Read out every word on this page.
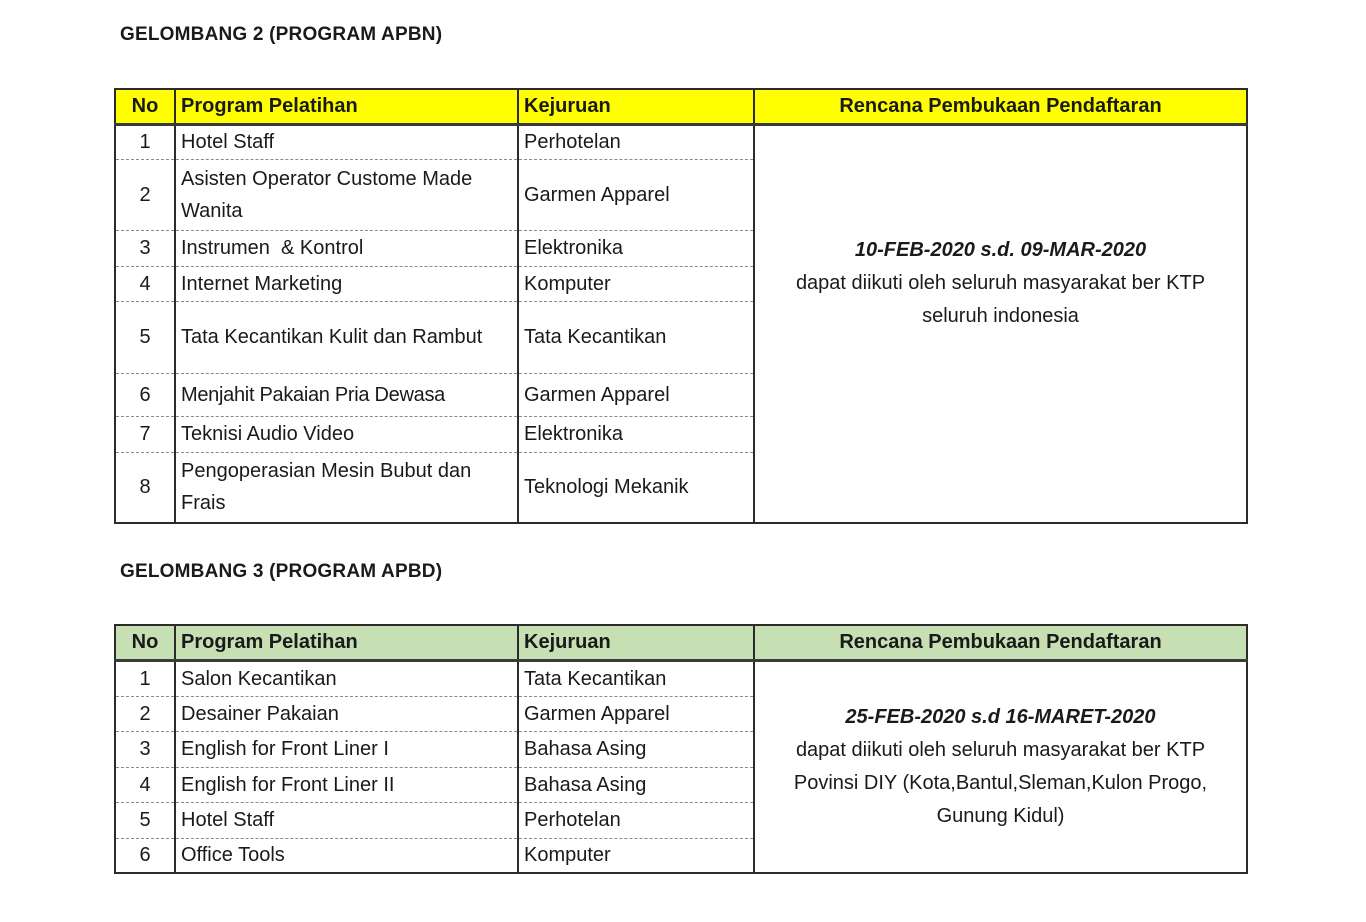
GELOMBANG 2 (PROGRAM APBN)
No	Program Pelatihan	Kejuruan	Rencana Pembukaan Pendaftaran
1	Hotel Staff	Perhotelan	10-FEB-2020 s.d. 09-MAR-2020
dapat diikuti oleh seluruh masyarakat ber KTP seluruh indonesia

2	Asisten Operator Custome Made Wanita	Garmen Apparel	
3	Instrumen  & Kontrol	Elektronika	
4	Internet Marketing	Komputer	
5	Tata Kecantikan Kulit dan Rambut	Tata Kecantikan	
6	Menjahit Pakaian Pria Dewasa	Garmen Apparel	
7	Teknisi Audio Video	Elektronika	
8	Pengoperasian Mesin Bubut dan Frais	Teknologi Mekanik	
GELOMBANG 3 (PROGRAM APBD)
No	Program Pelatihan	Kejuruan	Rencana Pembukaan Pendaftaran
1	Salon Kecantikan	Tata Kecantikan	25-FEB-2020 s.d 16-MARET-2020
dapat diikuti oleh seluruh masyarakat ber KTP Povinsi DIY (Kota,Bantul,Sleman,Kulon Progo, Gunung Kidul)

2	Desainer Pakaian	Garmen Apparel	
3	English for Front Liner I	Bahasa Asing	
4	English for Front Liner II	Bahasa Asing	
5	Hotel Staff	Perhotelan	
6	Office Tools	Komputer	
